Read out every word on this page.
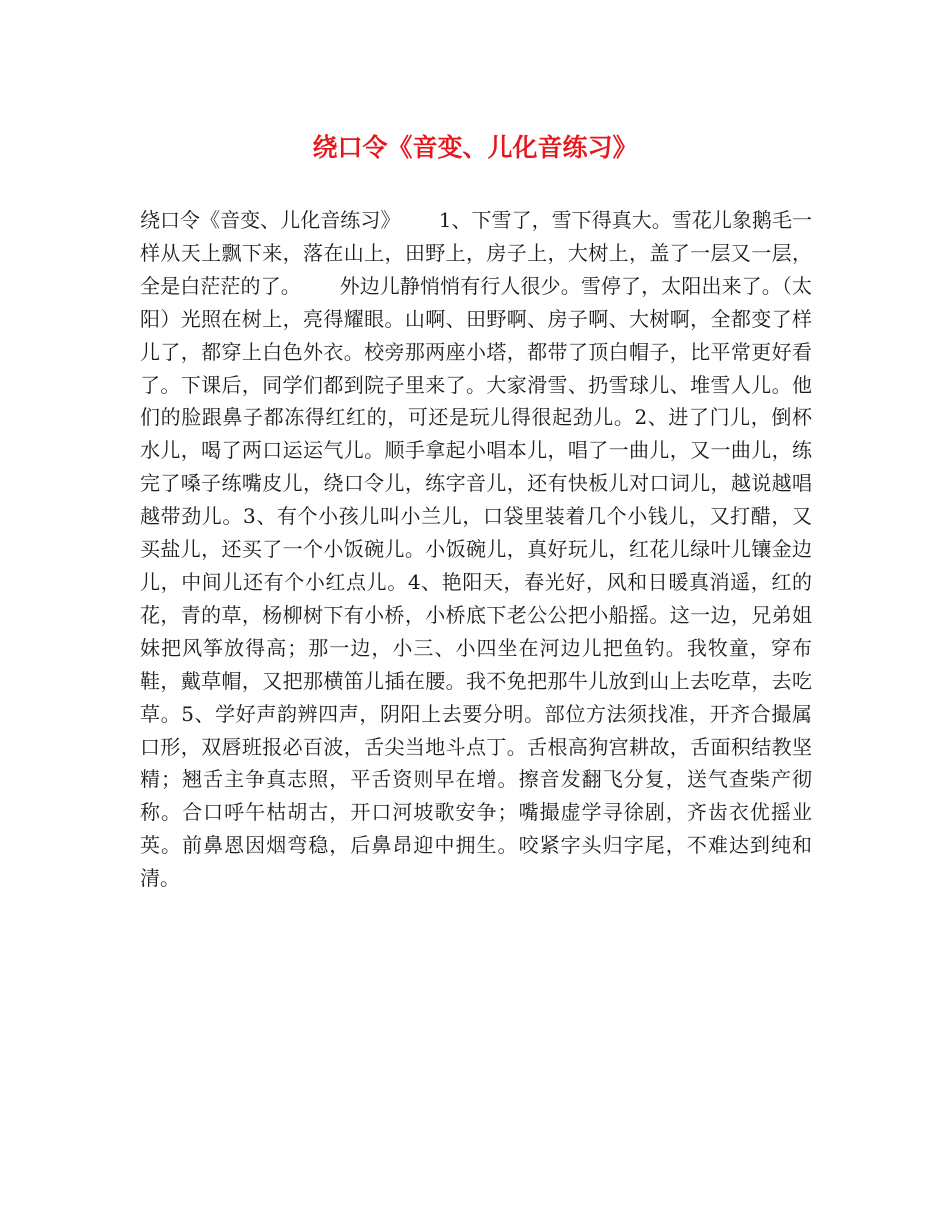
绕口令《音变、儿化音练习》

绕口令《音变、儿化音练习》      1、下雪了，雪下得真大。雪花儿象鹅毛一样从天上飘下来，落在山上，田野上，房子上，大树上，盖了一层又一层，全是白茫茫的了。      外边儿静悄悄有行人很少。雪停了，太阳出来了。（太阳）光照在树上，亮得耀眼。山啊、田野啊、房子啊、大树啊，全都变了样儿了，都穿上白色外衣。校旁那两座小塔，都带了顶白帽子，比平常更好看了。下课后，同学们都到院子里来了。大家滑雪、扔雪球儿、堆雪人儿。他们的脸跟鼻子都冻得红红的，可还是玩儿得很起劲儿。2、进了门儿，倒杯水儿，喝了两口运运气儿。顺手拿起小唱本儿，唱了一曲儿，又一曲儿，练完了嗓子练嘴皮儿，绕口令儿，练字音儿，还有快板儿对口词儿，越说越唱越带劲儿。3、有个小孩儿叫小兰儿，口袋里装着几个小钱儿，又打醋，又买盐儿，还买了一个小饭碗儿。小饭碗儿，真好玩儿，红花儿绿叶儿镶金边儿，中间儿还有个小红点儿。4、艳阳天，春光好，风和日暖真消遥，红的花，青的草，杨柳树下有小桥，小桥底下老公公把小船摇。这一边，兄弟姐妹把风筝放得高；那一边，小三、小四坐在河边儿把鱼钓。我牧童，穿布鞋，戴草帽，又把那横笛儿插在腰。我不免把那牛儿放到山上去吃草，去吃草。5、学好声韵辨四声，阴阳上去要分明。部位方法须找准，开齐合撮属口形，双唇班报必百波，舌尖当地斗点丁。舌根高狗宫耕故，舌面积结教坚精；翘舌主争真志照，平舌资则早在增。擦音发翻飞分复，送气查柴产彻称。合口呼午枯胡古，开口河坡歌安争；嘴撮虚学寻徐剧，齐齿衣优摇业英。前鼻恩因烟弯稳，后鼻昂迎中拥生。咬紧字头归字尾，不难达到纯和清。
